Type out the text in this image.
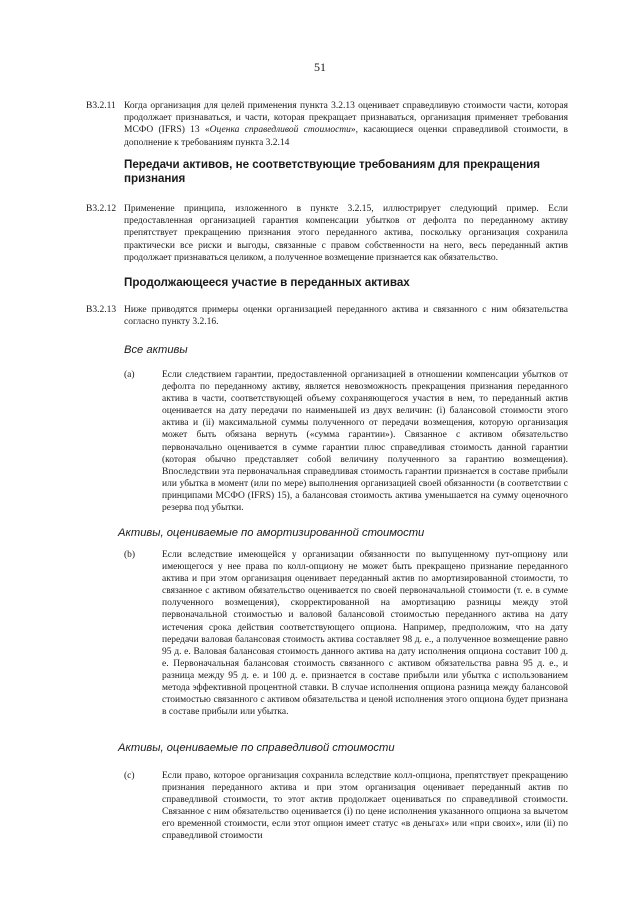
51
B3.2.11 Когда организация для целей применения пункта 3.2.13 оценивает справедливую стоимости части, которая продолжает признаваться, и части, которая прекращает признаваться, организация применяет требования МСФО (IFRS) 13 «Оценка справедливой стоимости», касающиеся оценки справедливой стоимости, в дополнение к требованиям пункта 3.2.14
Передачи активов, не соответствующие требованиям для прекращения признания
B3.2.12 Применение принципа, изложенного в пункте 3.2.15, иллюстрирует следующий пример. Если предоставленная организацией гарантия компенсации убытков от дефолта по переданному активу препятствует прекращению признания этого переданного актива, поскольку организация сохранила практически все риски и выгоды, связанные с правом собственности на него, весь переданный актив продолжает признаваться целиком, а полученное возмещение признается как обязательство.
Продолжающееся участие в переданных активах
B3.2.13 Ниже приводятся примеры оценки организацией переданного актива и связанного с ним обязательства согласно пункту 3.2.16.
Все активы
(a)	Если следствием гарантии, предоставленной организацией в отношении компенсации убытков от дефолта по переданному активу, является невозможность прекращения признания переданного актива в части, соответствующей объему сохраняющегося участия в нем, то переданный актив оценивается на дату передачи по наименьшей из двух величин: (i) балансовой стоимости этого актива и (ii) максимальной суммы полученного от передачи возмещения, которую организация может быть обязана вернуть («сумма гарантии»). Связанное с активом обязательство первоначально оценивается в сумме гарантии плюс справедливая стоимость данной гарантии (которая обычно представляет собой величину полученного за гарантию возмещения). Впоследствии эта первоначальная справедливая стоимость гарантии признается в составе прибыли или убытка в момент (или по мере) выполнения организацией своей обязанности (в соответствии с принципами МСФО (IFRS) 15), а балансовая стоимость актива уменьшается на сумму оценочного резерва под убытки.
Активы, оцениваемые по амортизированной стоимости
(b)	Если вследствие имеющейся у организации обязанности по выпущенному пут-опциону или имеющегося у нее права по колл-опциону не может быть прекращено признание переданного актива и при этом организация оценивает переданный актив по амортизированной стоимости, то связанное с активом обязательство оценивается по своей первоначальной стоимости (т. е. в сумме полученного возмещения), скорректированной на амортизацию разницы между этой первоначальной стоимостью и валовой балансовой стоимостью переданного актива на дату истечения срока действия соответствующего опциона. Например, предположим, что на дату передачи валовая балансовая стоимость актива составляет 98 д. е., а полученное возмещение равно 95 д. е. Валовая балансовая стоимость данного актива на дату исполнения опциона составит 100 д. е. Первоначальная балансовая стоимость связанного с активом обязательства равна 95 д. е., и разница между 95 д. е. и 100 д. е. признается в составе прибыли или убытка с использованием метода эффективной процентной ставки. В случае исполнения опциона разница между балансовой стоимостью связанного с активом обязательства и ценой исполнения этого опциона будет признана в составе прибыли или убытка.
Активы, оцениваемые по справедливой стоимости
(c)	Если право, которое организация сохранила вследствие колл-опциона, препятствует прекращению признания переданного актива и при этом организация оценивает переданный актив по справедливой стоимости, то этот актив продолжает оцениваться по справедливой стоимости. Связанное с ним обязательство оценивается (i) по цене исполнения указанного опциона за вычетом его временной стоимости, если этот опцион имеет статус «в деньгах» или «при своих», или (ii) по справедливой стоимости
